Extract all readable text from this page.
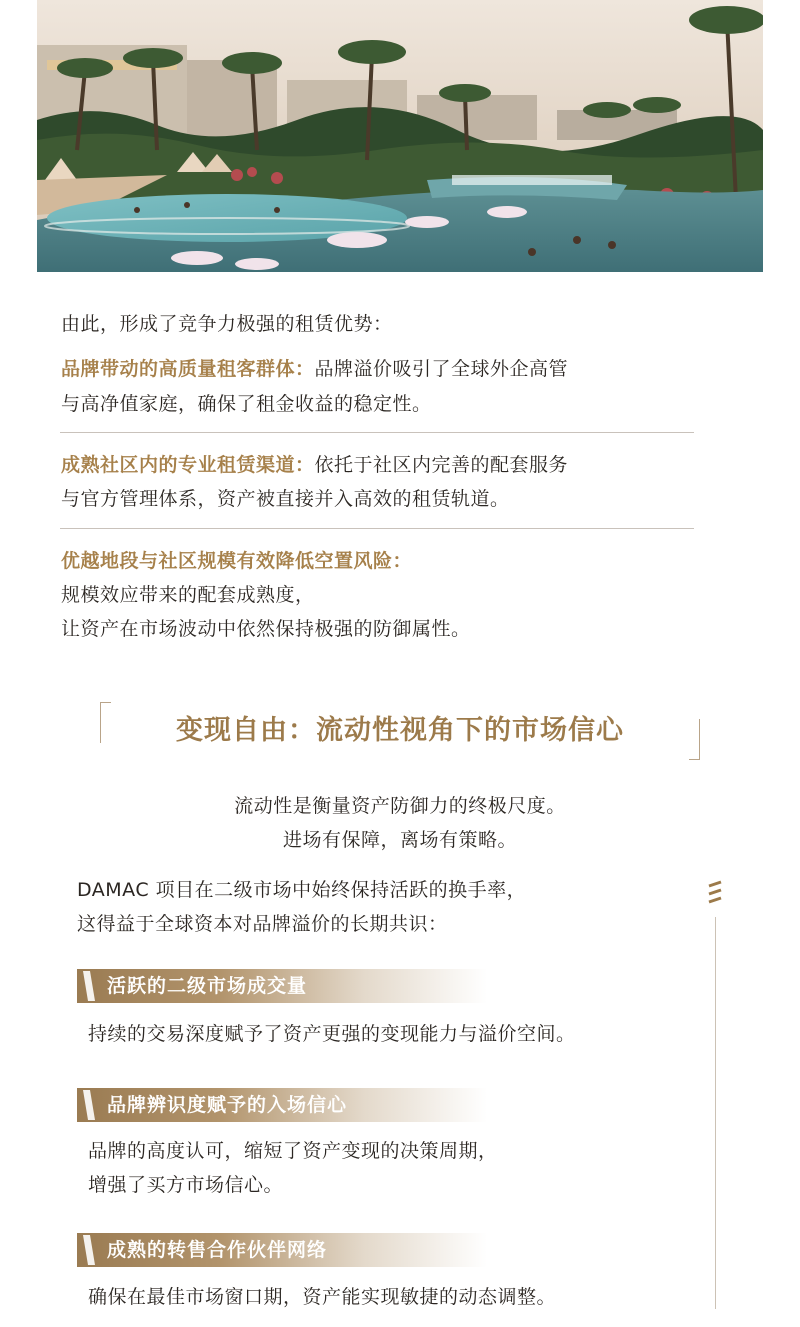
由此，形成了竞争力极强的租赁优势：
品牌带动的高质量租客群体：品牌溢价吸引了全球外企高管
与高净值家庭，确保了租金收益的稳定性。
成熟社区内的专业租赁渠道：依托于社区内完善的配套服务
与官方管理体系，资产被直接并入高效的租赁轨道。
优越地段与社区规模有效降低空置风险：
规模效应带来的配套成熟度，
让资产在市场波动中依然保持极强的防御属性。
变现自由：流动性视角下的市场信心
流动性是衡量资产防御力的终极尺度。
进场有保障，离场有策略。
DAMAC 项目在二级市场中始终保持活跃的换手率，
这得益于全球资本对品牌溢价的长期共识：
活跃的二级市场成交量
持续的交易深度赋予了资产更强的变现能力与溢价空间。
品牌辨识度赋予的入场信心
品牌的高度认可，缩短了资产变现的决策周期，
增强了买方市场信心。
成熟的转售合作伙伴网络
确保在最佳市场窗口期，资产能实现敏捷的动态调整。
